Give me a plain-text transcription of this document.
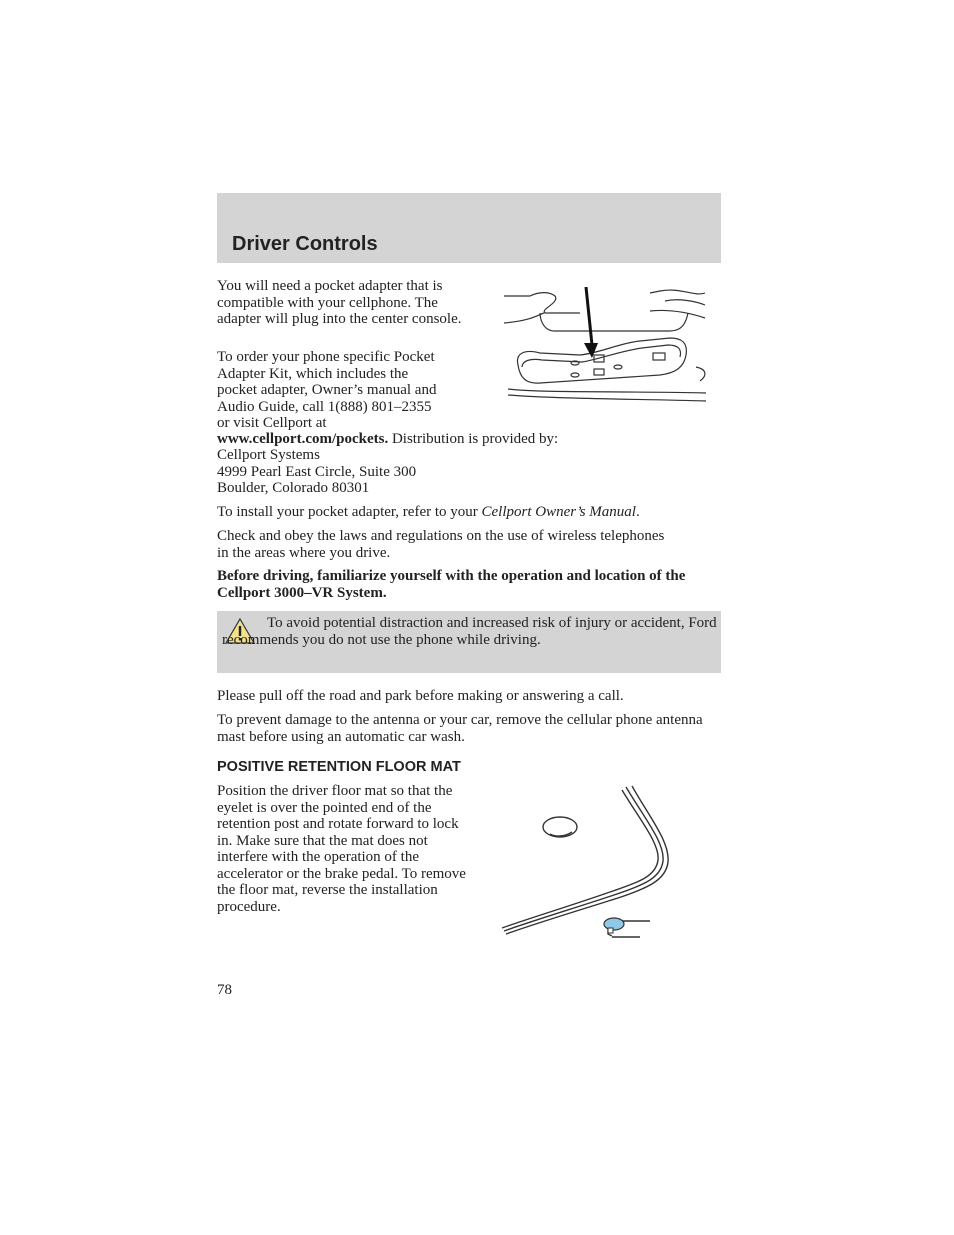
Driver Controls

You will need a pocket adapter that is compatible with your cellphone. The adapter will plug into the center console.

To order your phone specific Pocket
Adapter Kit, which includes the
pocket adapter, Owner’s manual and
Audio Guide, call 1(888) 801–2355
or visit Cellport at
www.cellport.com/pockets. Distribution is provided by:
Cellport Systems
4999 Pearl East Circle, Suite 300
Boulder, Colorado 80301

To install your pocket adapter, refer to your Cellport Owner’s Manual.

Check and obey the laws and regulations on the use of wireless telephones in the areas where you drive.

Before driving, familiarize yourself with the operation and location of the Cellport 3000–VR System.

To avoid potential distraction and increased risk of injury or accident, Ford recommends you do not use the phone while driving.

Please pull off the road and park before making or answering a call.

To prevent damage to the antenna or your car, remove the cellular phone antenna mast before using an automatic car wash.

POSITIVE RETENTION FLOOR MAT

Position the driver floor mat so that the eyelet is over the pointed end of the retention post and rotate forward to lock in. Make sure that the mat does not interfere with the operation of the accelerator or the brake pedal. To remove the floor mat, reverse the installation procedure.

78
